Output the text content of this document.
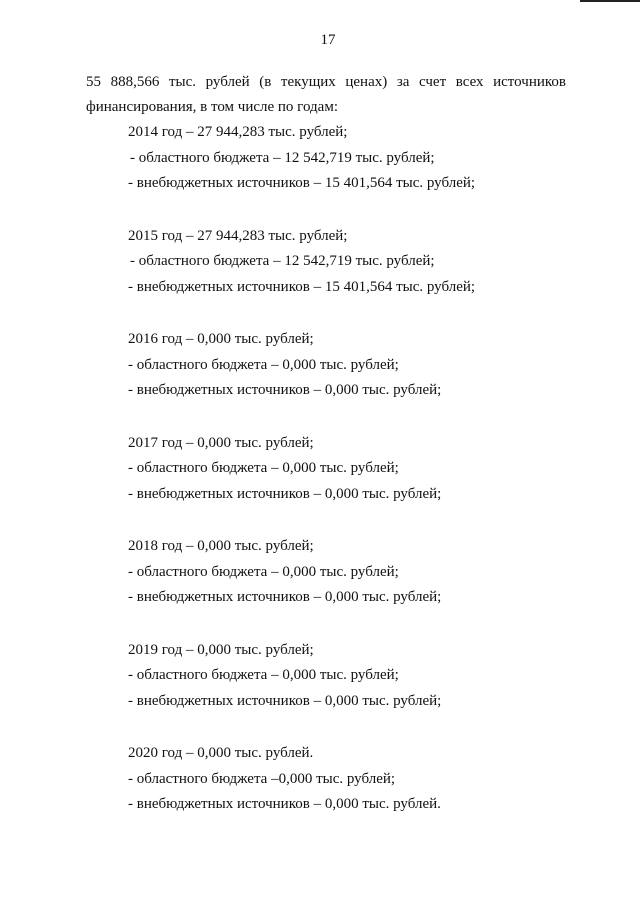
17
55 888,566 тыс. рублей (в текущих ценах) за счет всех источников
финансирования, в том числе по годам:
2014 год – 27 944,283 тыс. рублей;
- областного бюджета – 12 542,719 тыс. рублей;
- внебюджетных источников – 15 401,564 тыс. рублей;
2015 год – 27 944,283 тыс. рублей;
- областного бюджета – 12 542,719 тыс. рублей;
- внебюджетных источников – 15 401,564 тыс. рублей;
2016 год – 0,000 тыс. рублей;
- областного бюджета – 0,000 тыс. рублей;
- внебюджетных источников – 0,000 тыс. рублей;
2017 год – 0,000 тыс. рублей;
- областного бюджета – 0,000 тыс. рублей;
- внебюджетных источников – 0,000 тыс. рублей;
2018 год – 0,000 тыс. рублей;
- областного бюджета – 0,000 тыс. рублей;
- внебюджетных источников – 0,000 тыс. рублей;
2019 год – 0,000 тыс. рублей;
- областного бюджета – 0,000 тыс. рублей;
- внебюджетных источников – 0,000 тыс. рублей;
2020 год – 0,000 тыс. рублей.
- областного бюджета –0,000 тыс. рублей;
- внебюджетных источников – 0,000 тыс. рублей.
